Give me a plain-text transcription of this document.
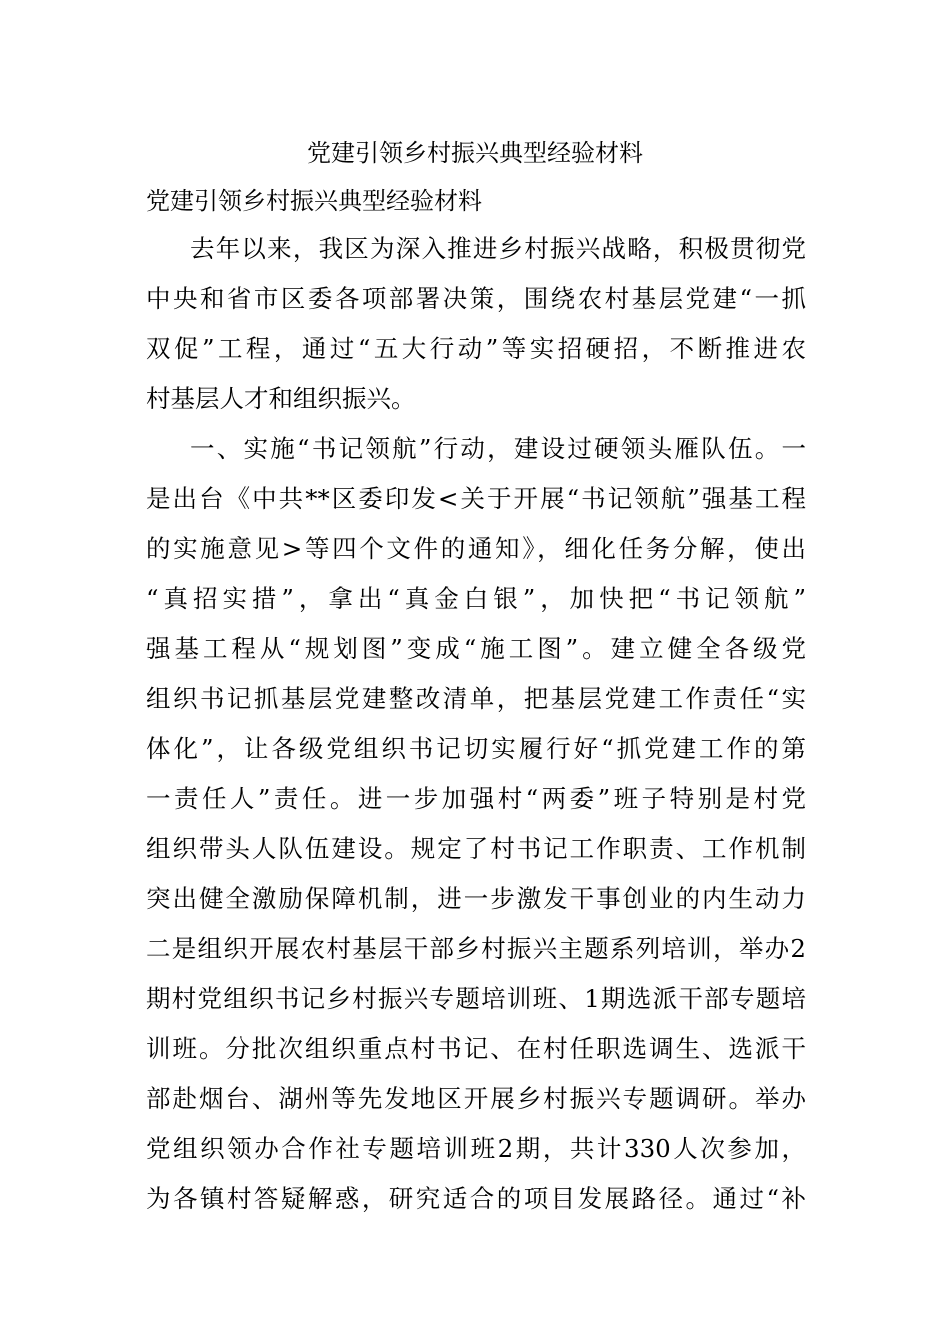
党建引领乡村振兴典型经验材料
党建引领乡村振兴典型经验材料
去年以来，我区为深入推进乡村振兴战略，积极贯彻党
中央和省市区委各项部署决策，围绕农村基层党建“一抓
双促”工程，通过“五大行动”等实招硬招，不断推进农
村基层人才和组织振兴。
一、实施“书记领航”行动，建设过硬领头雁队伍。一
是出台《中共**区委印发<关于开展“书记领航”强基工程
的实施意见>等四个文件的通知》，细化任务分解，使出
“真招实措”，拿出“真金白银”，加快把“书记领航”
强基工程从“规划图”变成“施工图”。建立健全各级党
组织书记抓基层党建整改清单，把基层党建工作责任“实
体化”，让各级党组织书记切实履行好“抓党建工作的第
一责任人”责任。进一步加强村“两委”班子特别是村党
组织带头人队伍建设。规定了村书记工作职责、工作机制
突出健全激励保障机制，进一步激发干事创业的内生动力
二是组织开展农村基层干部乡村振兴主题系列培训，举办2
期村党组织书记乡村振兴专题培训班、1期选派干部专题培
训班。分批次组织重点村书记、在村任职选调生、选派干
部赴烟台、湖州等先发地区开展乡村振兴专题调研。举办
党组织领办合作社专题培训班2期，共计330人次参加，
为各镇村答疑解惑，研究适合的项目发展路径。通过“补
